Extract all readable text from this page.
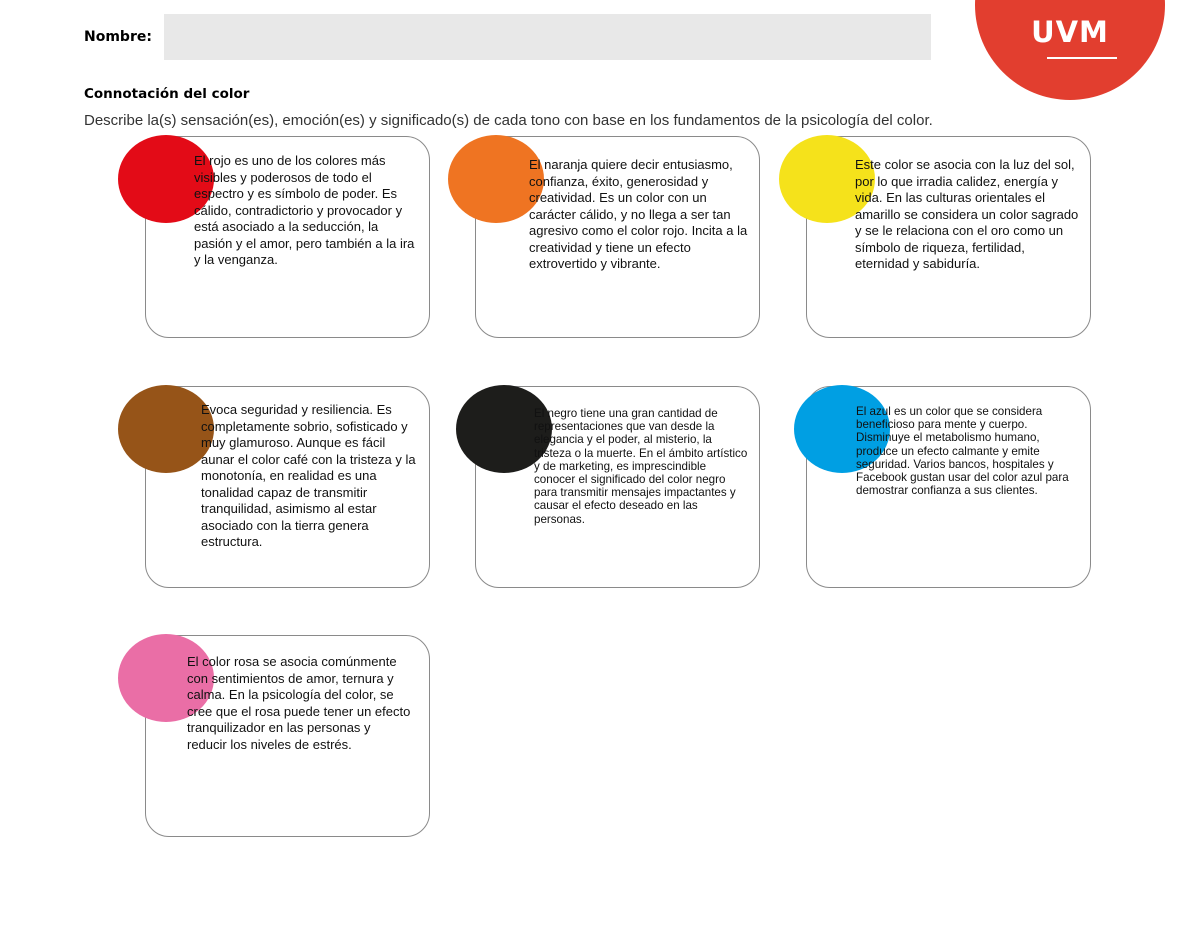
Nombre:	UVM
Connotación del color
Describe la(s) sensación(es), emoción(es) y significado(s) de cada tono con base en los fundamentos de la psicología del color.
El rojo es uno de los colores más visibles y poderosos de todo el espectro y es símbolo de poder. Es cálido, contradictorio y provocador y está asociado a la seducción, la pasión y el amor, pero también a la ira y la venganza.
El naranja quiere decir entusiasmo, confianza, éxito, generosidad y creatividad. Es un color con un carácter cálido, y no llega a ser tan agresivo como el color rojo. Incita a la creatividad y tiene un efecto extrovertido y vibrante.
Este color se asocia con la luz del sol, por lo que irradia calidez, energía y vida. En las culturas orientales el amarillo se considera un color sagrado y se le relaciona con el oro como un símbolo de riqueza, fertilidad, eternidad y sabiduría.
Evoca seguridad y resiliencia. Es completamente sobrio, sofisticado y muy glamuroso. Aunque es fácil aunar el color café con la tristeza y la monotonía, en realidad es una tonalidad capaz de transmitir tranquilidad, asimismo al estar asociado con la tierra genera estructura.
El negro tiene una gran cantidad de representaciones que van desde la elegancia y el poder, al misterio, la tristeza o la muerte. En el ámbito artístico y de marketing, es imprescindible conocer el significado del color negro para transmitir mensajes impactantes y causar el efecto deseado en las personas.
El azul es un color que se considera beneficioso para mente y cuerpo. Disminuye el metabolismo humano, produce un efecto calmante y emite seguridad. Varios bancos, hospitales y Facebook gustan usar del color azul para demostrar confianza a sus clientes.
El color rosa se asocia comúnmente con sentimientos de amor, ternura y calma. En la psicología del color, se cree que el rosa puede tener un efecto tranquilizador en las personas y reducir los niveles de estrés.
